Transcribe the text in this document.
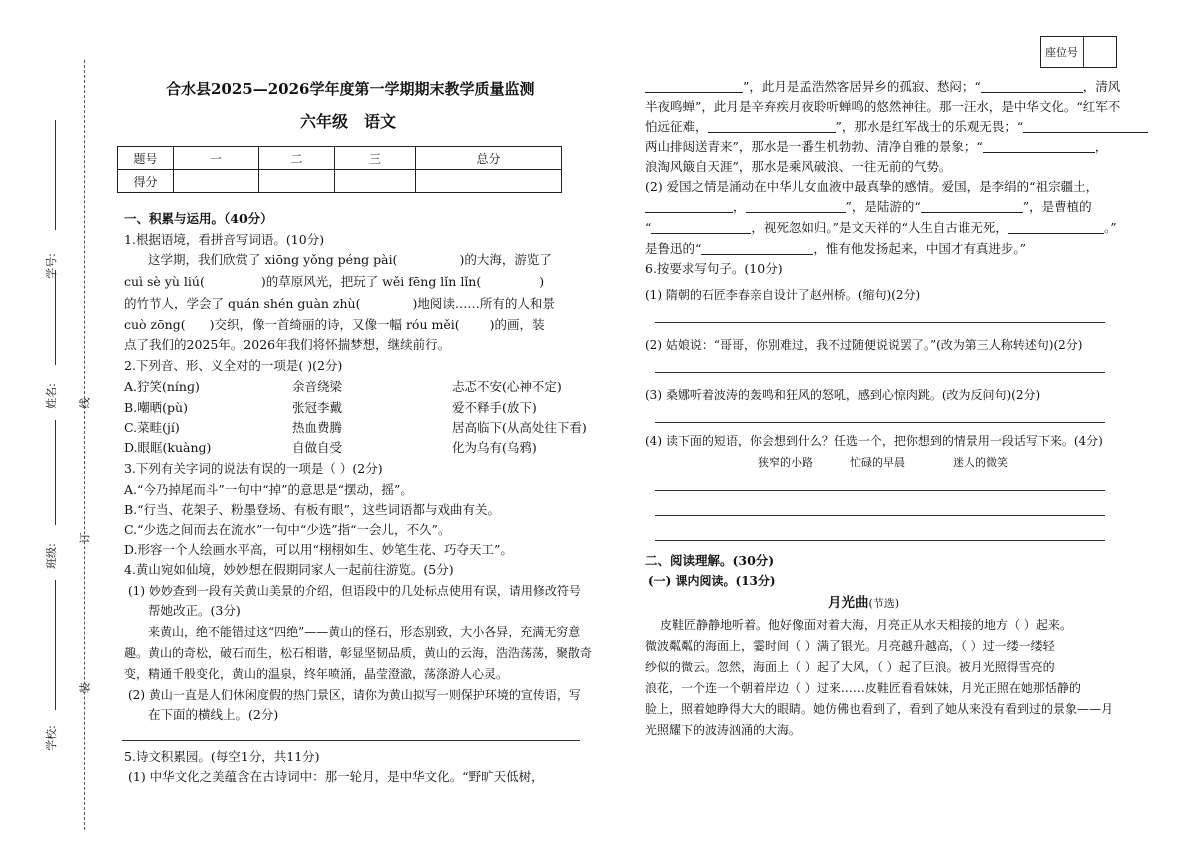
座位号
学号:
姓名:
班级:
学校:
线
订
装
合水县2025—2026学年度第一学期期末教学质量监测
六年级　语文
题号	一	二	三	总分
得分				
一、积累与运用。（40分）
1.根据语境，看拼音写词语。(10分)
这学期，我们欣赏了 xiōng yǒng péng pài(	)的大海，游览了
cuì sè yù liú(	)的草原风光，把玩了 wěi fēng lǐn lǐn(	)
的竹节人，学会了 quán shén guàn zhù(	)地阅读……所有的人和景
cuò zōng( )交织，像一首绮丽的诗，又像一幅 róu měi( )的画，装
点了我们的2025年。2026年我们将怀揣梦想，继续前行。
2.下列音、形、义全对的一项是( )(2分)
A.狞笑(nínɡ)	余音绕梁	忐忑不安(心神不定)
B.嘲晒(pù)	张冠李戴	爱不释手(放下)
C.菜畦(jí)	热血费腾	居高临下(从高处往下看)
D.眼眶(kuànɡ)	自做自受	化为乌有(乌鸦)
3.下列有关字词的说法有误的一项是（ ）(2分)
A.“今乃掉尾而斗”一句中“掉”的意思是“摆动，摇”。
B.“行当、花架子、粉墨登场、有板有眼”，这些词语都与戏曲有关。
C.“少选之间而去在流水”一句中“少选”指“一会儿，不久”。
D.形容一个人绘画水平高，可以用“栩栩如生、妙笔生花、巧夺天工”。
4.黄山宛如仙境，妙妙想在假期同家人一起前往游览。(5分)
(1) 妙妙查到一段有关黄山美景的介绍，但语段中的几处标点使用有误，请用修改符号
帮她改正。(3分)
来黄山，绝不能错过这“四绝”——黄山的怪石，形态别致，大小各异，充满无穷意
趣。黄山的奇松，破石而生，松石相谐，彰显坚韧品质，黄山的云海，浩浩荡荡，聚散奇
变，精通千般变化，黄山的温泉，终年喷涌，晶莹澄澈，荡涤游人心灵。
(2) 黄山一直是人们休闲度假的热门景区，请你为黄山拟写一则保护环境的宣传语，写
在下面的横线上。(2分)
5.诗文积累园。(每空1分，共11分)
(1) 中华文化之美蕴含在古诗词中：那一轮月，是中华文化。“野旷天低树，
”，此月是孟浩然客居异乡的孤寂、愁闷；“	，清风
半夜鸣蝉”，此月是辛弃疾月夜聆听蝉鸣的悠然神往。那一汪水，是中华文化。“红军不
怕远征难，	”，那水是红军战士的乐观无畏；“
两山排闼送青来”，那水是一番生机勃勃、清净自雅的景象；“	，
浪淘风簸自天涯”，那水是乘风破浪、一往无前的气势。
(2) 爱国之情是涌动在中华儿女血液中最真挚的感情。爱国，是李绢的“祖宗疆土，
，	”，是陆游的“	”，是曹植的
“	，视死忽如归。”是文天祥的“人生自古谁无死，	。”
是鲁迅的“	，惟有他发扬起来，中国才有真进步。”
6.按要求写句子。(10分)
(1) 隋朝的石匠李春亲自设计了赵州桥。(缩句)(2分)
(2) 姑娘说：“哥哥，你别难过，我不过随便说说罢了。”(改为第三人称转述句)(2分)
(3) 桑娜听着波涛的轰鸣和狂风的怒吼，感到心惊肉跳。(改为反问句)(2分)
(4) 读下面的短语，你会想到什么？任选一个，把你想到的情景用一段话写下来。(4分)
狭窄的小路	忙碌的早晨	迷人的微笑
二、阅读理解。(30分)
(一) 课内阅读。(13分)
月光曲(节选)
皮鞋匠静静地听着。他好像面对着大海，月亮正从水天相接的地方（ ）起来。
微波粼粼的海面上，霎时间（ ）满了银光。月亮越升越高，（ ）过一缕一缕轻
纱似的微云。忽然，海面上（ ）起了大风，（ ）起了巨浪。被月光照得雪亮的
浪花，一个连一个朝着岸边（ ）过来……皮鞋匠看看妹妹，月光正照在她那恬静的
脸上，照着她睁得大大的眼睛。她仿佛也看到了，看到了她从来没有看到过的景象——月
光照耀下的波涛汹涌的大海。
